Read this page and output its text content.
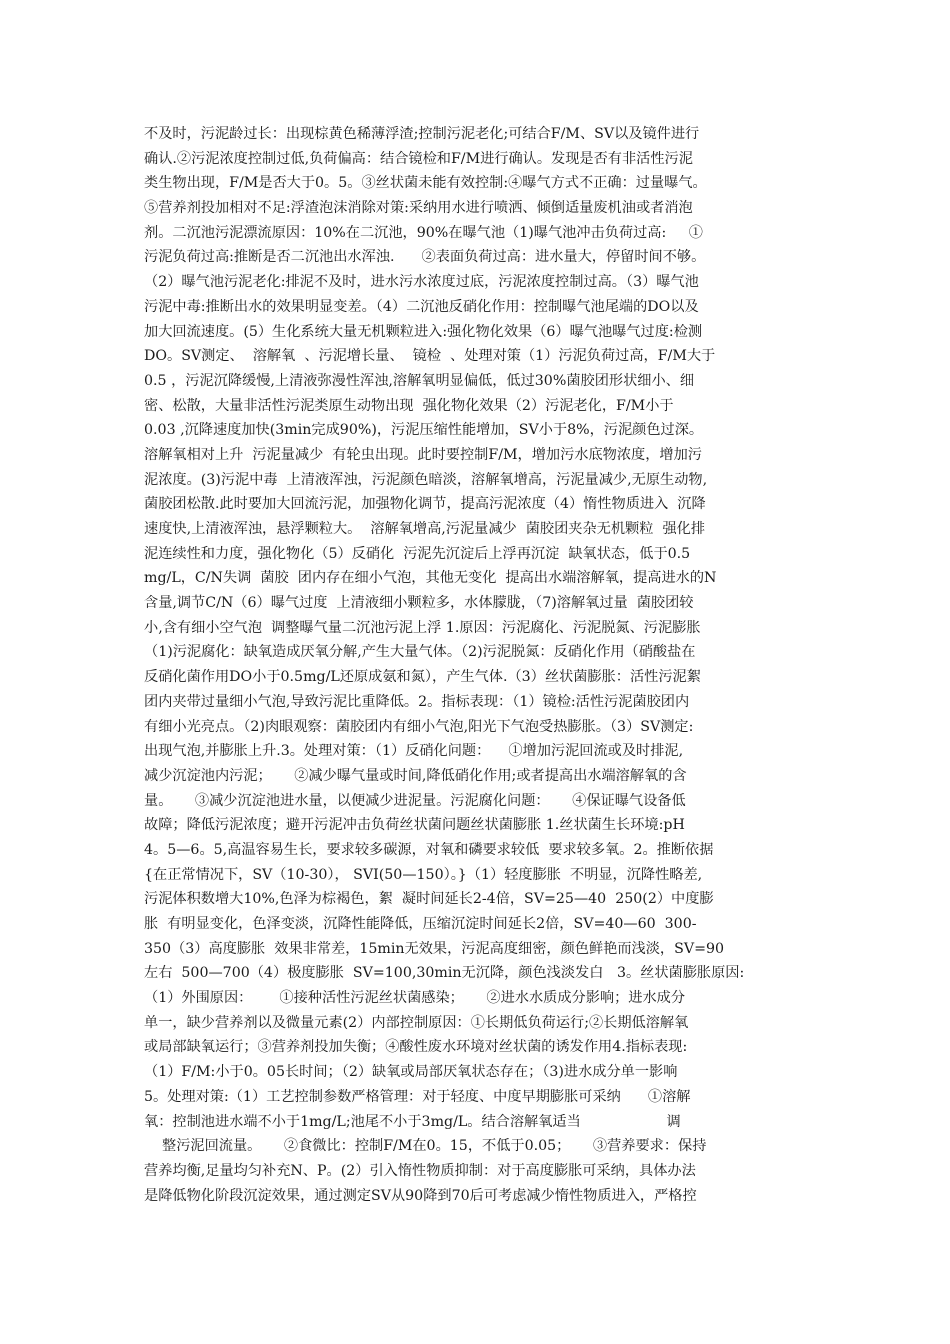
不及时，污泥龄过长：出现棕黄色稀薄浮渣;控制污泥老化;可结合F/M、SV以及镜件进行
确认.②污泥浓度控制过低,负荷偏高：结合镜检和F/M进行确认。发现是否有非活性污泥
类生物出现，F/M是否大于0。5。③丝状菌未能有效控制:④曝气方式不正确：过量曝气。
⑤营养剂投加相对不足:浮渣泡沫消除对策:采纳用水进行喷洒、倾倒适量废机油或者消泡
剂。二沉池污泥漂流原因：10%在二沉池，90%在曝气池（1)曝气池冲击负荷过高:     ①
污泥负荷过高:推断是否二沉池出水浑浊.      ②表面负荷过高：进水量大，停留时间不够。
（2）曝气池污泥老化:排泥不及时，进水污水浓度过底，污泥浓度控制过高。（3）曝气池
污泥中毒:推断出水的效果明显变差。（4）二沉池反硝化作用：控制曝气池尾端的DO以及
加大回流速度。(5）生化系统大量无机颗粒进入:强化物化效果（6）曝气池曝气过度:检测
DO。SV测定、  溶解氧  、污泥增长量、  镜检  、处理对策（1）污泥负荷过高，F/M大于
0.5 ，污泥沉降缓慢,上清液弥漫性浑浊,溶解氧明显偏低，低过30%菌胶团形状细小、细
密、松散，大量非活性污泥类原生动物出现  强化物化效果（2）污泥老化，F/M小于
0.03 ,沉降速度加快(3min完成90%)，污泥压缩性能增加，SV小于8%，污泥颜色过深。
溶解氧相对上升  污泥量减少  有轮虫出现。此时要控制F/M，增加污水底物浓度，增加污
泥浓度。(3)污泥中毒  上清液浑浊，污泥颜色暗淡，溶解氧增高，污泥量减少,无原生动物,
菌胶团松散.此时要加大回流污泥，加强物化调节，提高污泥浓度（4）惰性物质进入  沉降
速度快,上清液浑浊，悬浮颗粒大。  溶解氧增高,污泥量减少  菌胶团夹杂无机颗粒  强化排
泥连续性和力度，强化物化（5）反硝化  污泥先沉淀后上浮再沉淀  缺氧状态，低于0.5
mg/L，C/N失调  菌胶  团内存在细小气泡，其他无变化  提高出水端溶解氧，提高进水的N
含量,调节C/N（6）曝气过度  上清液细小颗粒多，水体朦胧，（7)溶解氧过量  菌胶团较
小,含有细小空气泡  调整曝气量二沉池污泥上浮 1.原因：污泥腐化、污泥脱氮、污泥膨胀
（1)污泥腐化：缺氧造成厌氧分解,产生大量气体。（2)污泥脱氮：反硝化作用（硝酸盐在
反硝化菌作用DO小于0.5mg/L还原成氨和氮），产生气体.（3）丝状菌膨胀：活性污泥絮
团内夹带过量细小气泡,导致污泥比重降低。2。指标表现：（1）镜检:活性污泥菌胶团内
有细小光亮点。（2)肉眼观察：菌胶团内有细小气泡,阳光下气泡受热膨胀。（3）SV测定:
出现气泡,并膨胀上升.3。处理对策：（1）反硝化问题：    ①增加污泥回流或及时排泥,
减少沉淀池内污泥；     ②减少曝气量或时间,降低硝化作用;或者提高出水端溶解氧的含
量。     ③减少沉淀池进水量，以便减少进泥量。污泥腐化问题：     ④保证曝气设备低
故障；降低污泥浓度；避开污泥冲击负荷丝状菌问题丝状菌膨胀 1.丝状菌生长环境:pH
4。5—6。5,高温容易生长，要求较多碳源，对氧和磷要求较低  要求较多氧。2。推断依据
{在正常情况下，SV（10-30）， SVI(50—150）。}（1）轻度膨胀  不明显，沉降性略差,
污泥体积数增大10%,色泽为棕褐色，絮  凝时间延长2-4倍，SV=25—40  250(2）中度膨
胀  有明显变化，色泽变淡，沉降性能降低，压缩沉淀时间延长2倍，SV=40—60  300-
350（3）高度膨胀  效果非常差，15min无效果，污泥高度细密，颜色鲜艳而浅淡，SV=90
左右  500—700（4）极度膨胀  SV=100,30min无沉降，颜色浅淡发白   3。丝状菌膨胀原因:
（1）外围原因：      ①接种活性污泥丝状菌感染；     ②进水水质成分影响；进水成分
单一，缺少营养剂以及微量元素(2）内部控制原因：①长期低负荷运行;②长期低溶解氧
或局部缺氧运行；③营养剂投加失衡；④酸性废水环境对丝状菌的诱发作用4.指标表现:
（1）F/M:小于0。05长时间；（2）缺氧或局部厌氧状态存在；（3)进水成分单一影响
5。处理对策:（1）工艺控制参数严格管理：对于轻度、中度早期膨胀可采纳      ①溶解
氧：控制池进水端不小于1mg/L;池尾不小于3mg/L。结合溶解氧适当                   调
整污泥回流量。     ②食微比：控制F/M在0。15，不低于0.05；     ③营养要求：保持
营养均衡,足量均匀补充N、P。(2）引入惰性物质抑制：对于高度膨胀可采纳，具体办法
是降低物化阶段沉淀效果，通过测定SV从90降到70后可考虑减少惰性物质进入，严格控
